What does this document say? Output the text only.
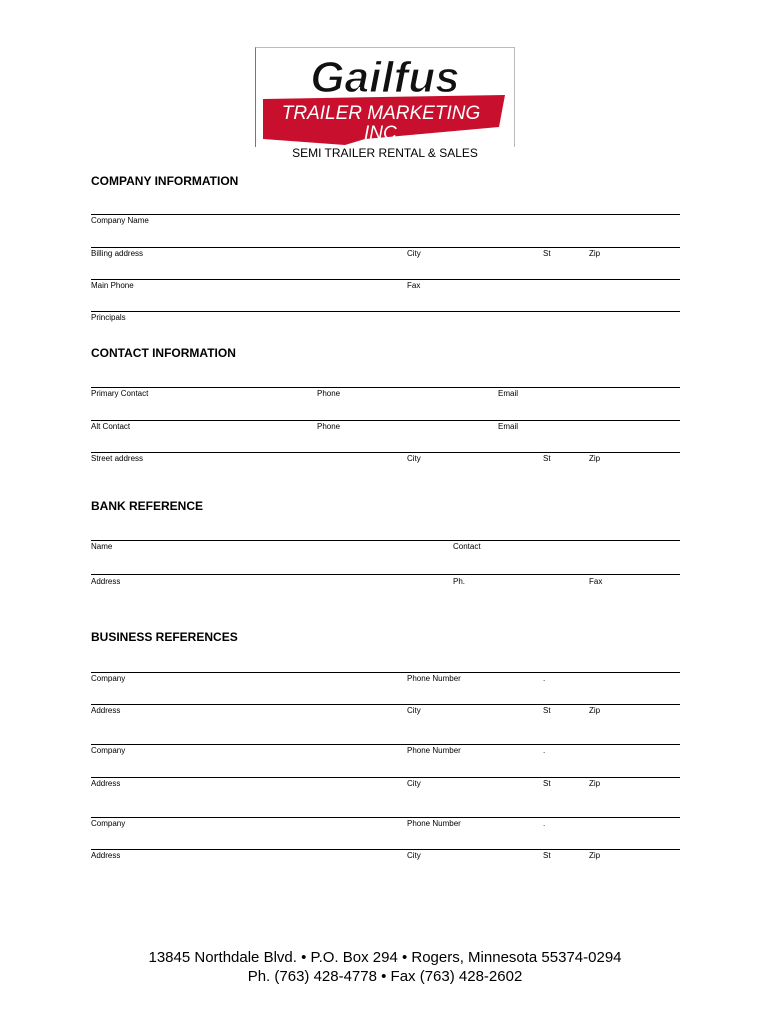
Gailfus
TRAILER MARKETING
INC.
SEMI TRAILER RENTAL & SALES
COMPANY INFORMATION
Company Name
Billing address	City	St	Zip
Main Phone	Fax
Principals
CONTACT INFORMATION
Primary Contact	Phone	Email
Alt Contact	Phone	Email
Street address	City	St	Zip
BANK REFERENCE
Name	Contact
Address	Ph.	Fax
BUSINESS REFERENCES
Company	Phone Number	.
Address	City	St	Zip
Company	Phone Number	.
Address	City	St	Zip
Company	Phone Number	.
Address	City	St	Zip
13845 Northdale Blvd. • P.O. Box 294 • Rogers, Minnesota 55374-0294
Ph. (763) 428-4778 • Fax (763) 428-2602
